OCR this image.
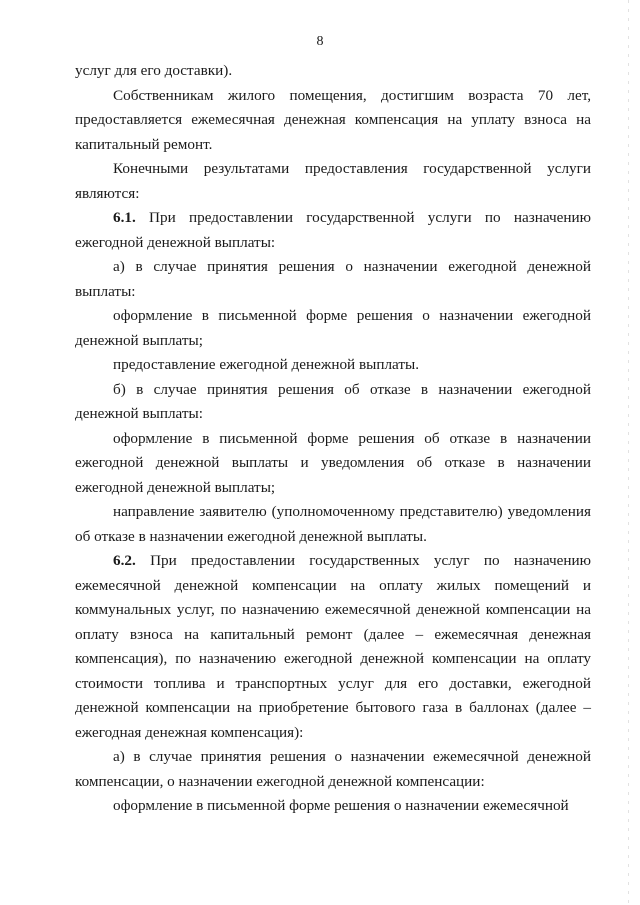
8

услуг для его доставки).

Собственникам жилого помещения, достигшим возраста 70 лет, предоставляется ежемесячная денежная компенсация на уплату взноса на капитальный ремонт.

Конечными результатами предоставления государственной услуги являются:

6.1. При предоставлении государственной услуги по назначению ежегодной денежной выплаты:

а) в случае принятия решения о назначении ежегодной денежной выплаты:

оформление в письменной форме решения о назначении ежегодной денежной выплаты;

предоставление ежегодной денежной выплаты.

б) в случае принятия решения об отказе в назначении ежегодной денежной выплаты:

оформление в письменной форме решения об отказе в назначении ежегодной денежной выплаты и уведомления об отказе в назначении ежегодной денежной выплаты;

направление заявителю (уполномоченному представителю) уведомления об отказе в назначении ежегодной денежной выплаты.

6.2. При предоставлении государственных услуг по назначению ежемесячной денежной компенсации на оплату жилых помещений и коммунальных услуг, по назначению ежемесячной денежной компенсации на оплату взноса на капитальный ремонт (далее – ежемесячная денежная компенсация), по назначению ежегодной денежной компенсации на оплату стоимости топлива и транспортных услуг для его доставки, ежегодной денежной компенсации на приобретение бытового газа в баллонах (далее – ежегодная денежная компенсация):

а) в случае принятия решения о назначении ежемесячной денежной компенсации, о назначении ежегодной денежной компенсации:

оформление в письменной форме решения о назначении ежемесячной
